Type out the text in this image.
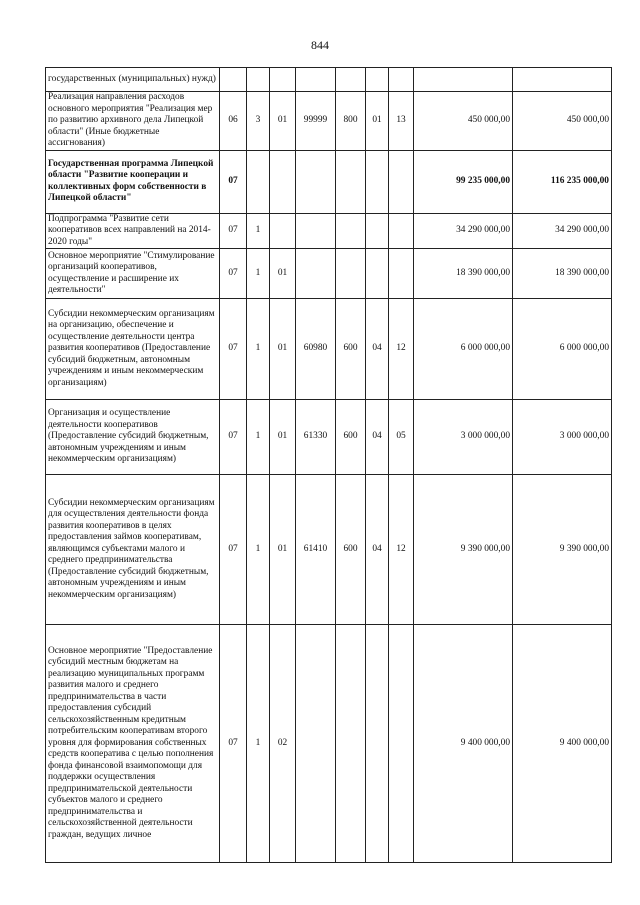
844
государственных (муниципальных) нужд)									
Реализация направления расходов основного мероприятия "Реализация мер по развитию архивного дела Липецкой области" (Иные бюджетные ассигнования)	06	3	01	99999	800	01	13	450 000,00	450 000,00
Государственная программа Липецкой области "Развитие кооперации и коллективных форм собственности в Липецкой области"	07							99 235 000,00	116 235 000,00
Подпрограмма "Развитие сети кооперативов всех направлений на 2014-2020 годы"	07	1						34 290 000,00	34 290 000,00
Основное мероприятие "Стимулирование организаций кооперативов, осуществление и расширение их деятельности"	07	1	01					18 390 000,00	18 390 000,00
Субсидии некоммерческим организациям на организацию, обеспечение и осуществление деятельности центра развития кооперативов (Предоставление субсидий бюджетным, автономным учреждениям и иным некоммерческим организациям)	07	1	01	60980	600	04	12	6 000 000,00	6 000 000,00
Организация и осуществление деятельности кооперативов (Предоставление субсидий бюджетным, автономным учреждениям и иным некоммерческим организациям)	07	1	01	61330	600	04	05	3 000 000,00	3 000 000,00
Субсидии некоммерческим организациям для осуществления деятельности фонда развития кооперативов в целях предоставления займов кооперативам, являющимся субъектами малого и среднего предпринимательства (Предоставление субсидий бюджетным, автономным учреждениям и иным некоммерческим организациям)	07	1	01	61410	600	04	12	9 390 000,00	9 390 000,00
Основное мероприятие "Предоставление субсидий местным бюджетам на реализацию муниципальных программ развития малого и среднего предпринимательства в части предоставления субсидий сельскохозяйственным кредитным потребительским кооперативам второго уровня для формирования собственных средств кооператива с целью пополнения фонда финансовой взаимопомощи для поддержки осуществления предпринимательской деятельности субъектов малого и среднего предпринимательства и сельскохозяйственной деятельности граждан, ведущих личное	07	1	02					9 400 000,00	9 400 000,00
